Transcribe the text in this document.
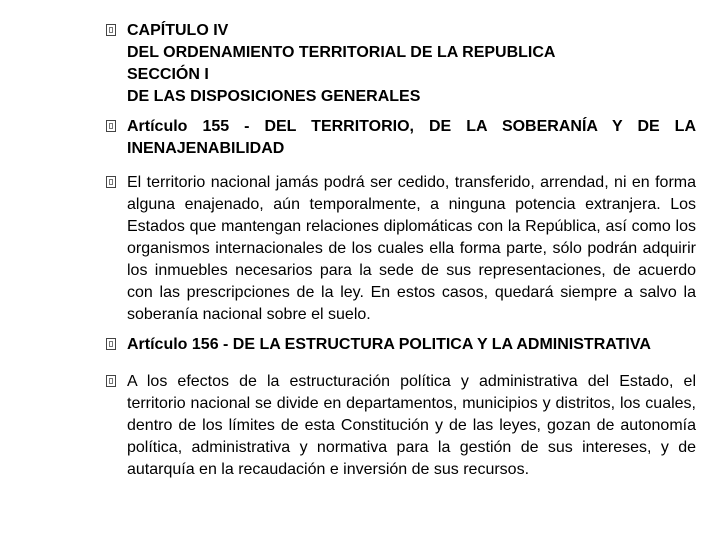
CAPÍTULO IV
DEL ORDENAMIENTO TERRITORIAL DE LA REPUBLICA
SECCIÓN I
DE LAS DISPOSICIONES GENERALES
Artículo 155 - DEL TERRITORIO, DE LA SOBERANÍA Y DE LA INENAJENABILIDAD
El territorio nacional jamás podrá ser cedido, transferido, arrendad, ni en forma alguna enajenado, aún temporalmente, a ninguna potencia extranjera. Los Estados que mantengan relaciones diplomáticas con la República, así como los organismos internacionales de los cuales ella forma parte, sólo podrán adquirir los inmuebles necesarios para la sede de sus representaciones, de acuerdo con las prescripciones de la ley. En estos casos, quedará siempre a salvo la soberanía nacional sobre el suelo.
Artículo 156 - DE LA ESTRUCTURA POLITICA Y LA ADMINISTRATIVA
A los efectos de la estructuración política y administrativa del Estado, el territorio nacional se divide en departamentos, municipios y distritos, los cuales, dentro de los límites de esta Constitución y de las leyes, gozan de autonomía política, administrativa y normativa para la gestión de sus intereses, y de autarquía en la recaudación e inversión de sus recursos.
